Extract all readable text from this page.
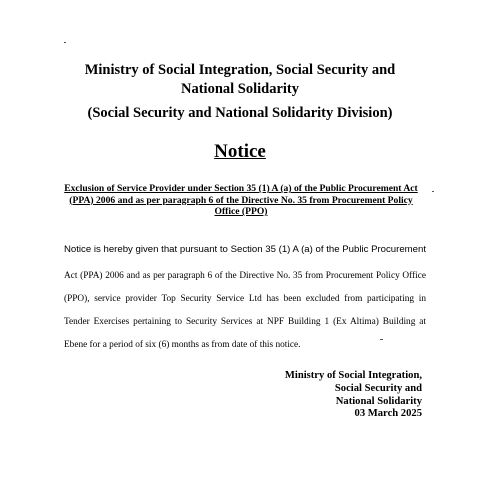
Ministry of Social Integration, Social Security and
National Solidarity
(Social Security and National Solidarity Division)
Notice
Exclusion of Service Provider under Section 35 (1) A (a) of the Public Procurement Act
(PPA) 2006 and as per paragraph 6 of the Directive No. 35 from Procurement Policy
Office (PPO)
Notice is hereby given that pursuant to Section 35 (1) A (a) of the Public Procurement
Act (PPA) 2006 and as per paragraph 6 of the Directive No. 35 from Procurement Policy Office
(PPO), service provider Top Security Service Ltd has been excluded from participating in
Tender Exercises pertaining to Security Services at NPF Building 1 (Ex Altima) Building at
Ebene for a period of six (6) months as from date of this notice.
Ministry of Social Integration,
Social Security and
National Solidarity
03 March 2025
